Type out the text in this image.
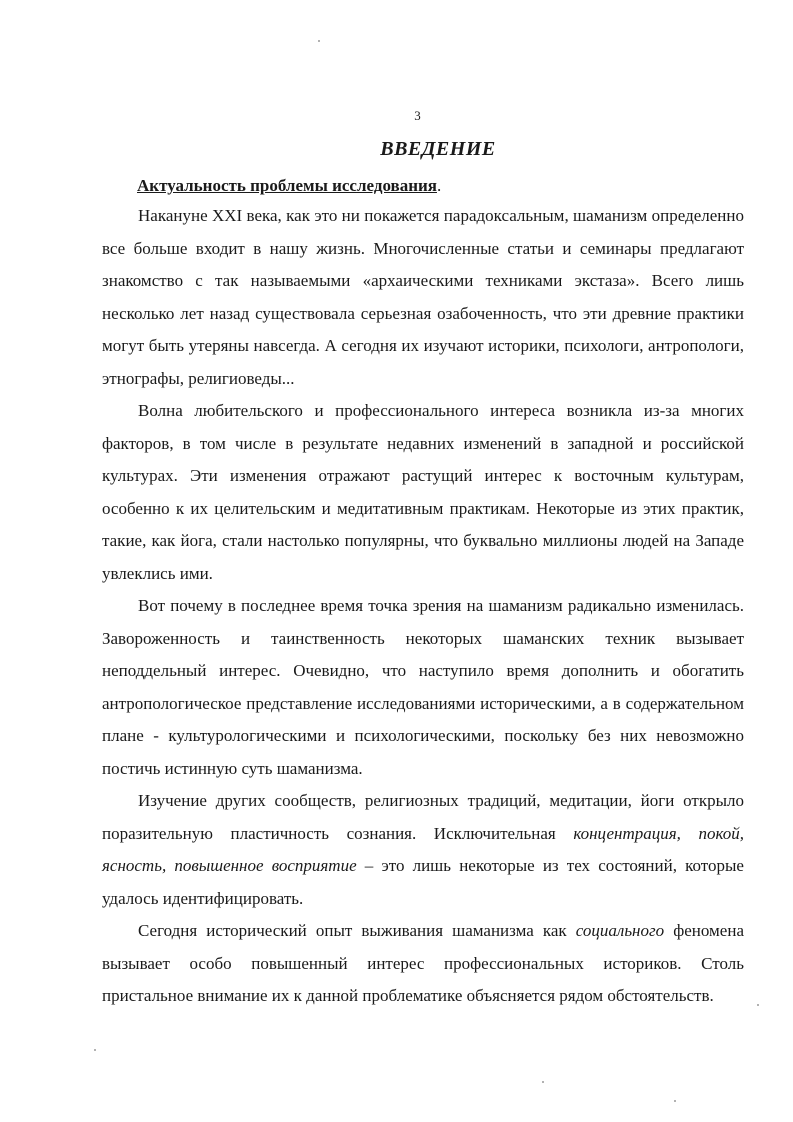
3
ВВЕДЕНИЕ
Актуальность проблемы исследования.

Накануне XXI века, как это ни покажется парадоксальным, шаманизм определенно все больше входит в нашу жизнь. Многочисленные статьи и семинары предлагают знакомство с так называемыми «архаическими техниками экстаза». Всего лишь несколько лет назад существовала серьезная озабоченность, что эти древние практики могут быть утеряны навсегда. А сегодня их изучают историки, психологи, антропологи, этнографы, религиоведы...

Волна любительского и профессионального интереса возникла из-за многих факторов, в том числе в результате недавних изменений в западной и российской культурах. Эти изменения отражают растущий интерес к восточным культурам, особенно к их целительским и медитативным практикам. Некоторые из этих практик, такие, как йога, стали настолько популярны, что буквально миллионы людей на Западе увлеклись ими.

Вот почему в последнее время точка зрения на шаманизм радикально изменилась. Завороженность и таинственность некоторых шаманских техник вызывает неподдельный интерес. Очевидно, что наступило время дополнить и обогатить антропологическое представление исследованиями историческими, а в содержательном плане - культурологическими и психологическими, поскольку без них невозможно постичь истинную суть шаманизма.

Изучение других сообществ, религиозных традиций, медитации, йоги открыло поразительную пластичность сознания. Исключительная концентрация, покой, ясность, повышенное восприятие – это лишь некоторые из тех состояний, которые удалось идентифицировать.

Сегодня исторический опыт выживания шаманизма как социального феномена вызывает особо повышенный интерес профессиональных историков. Столь пристальное внимание их к данной проблематике объясняется рядом обстоятельств.
